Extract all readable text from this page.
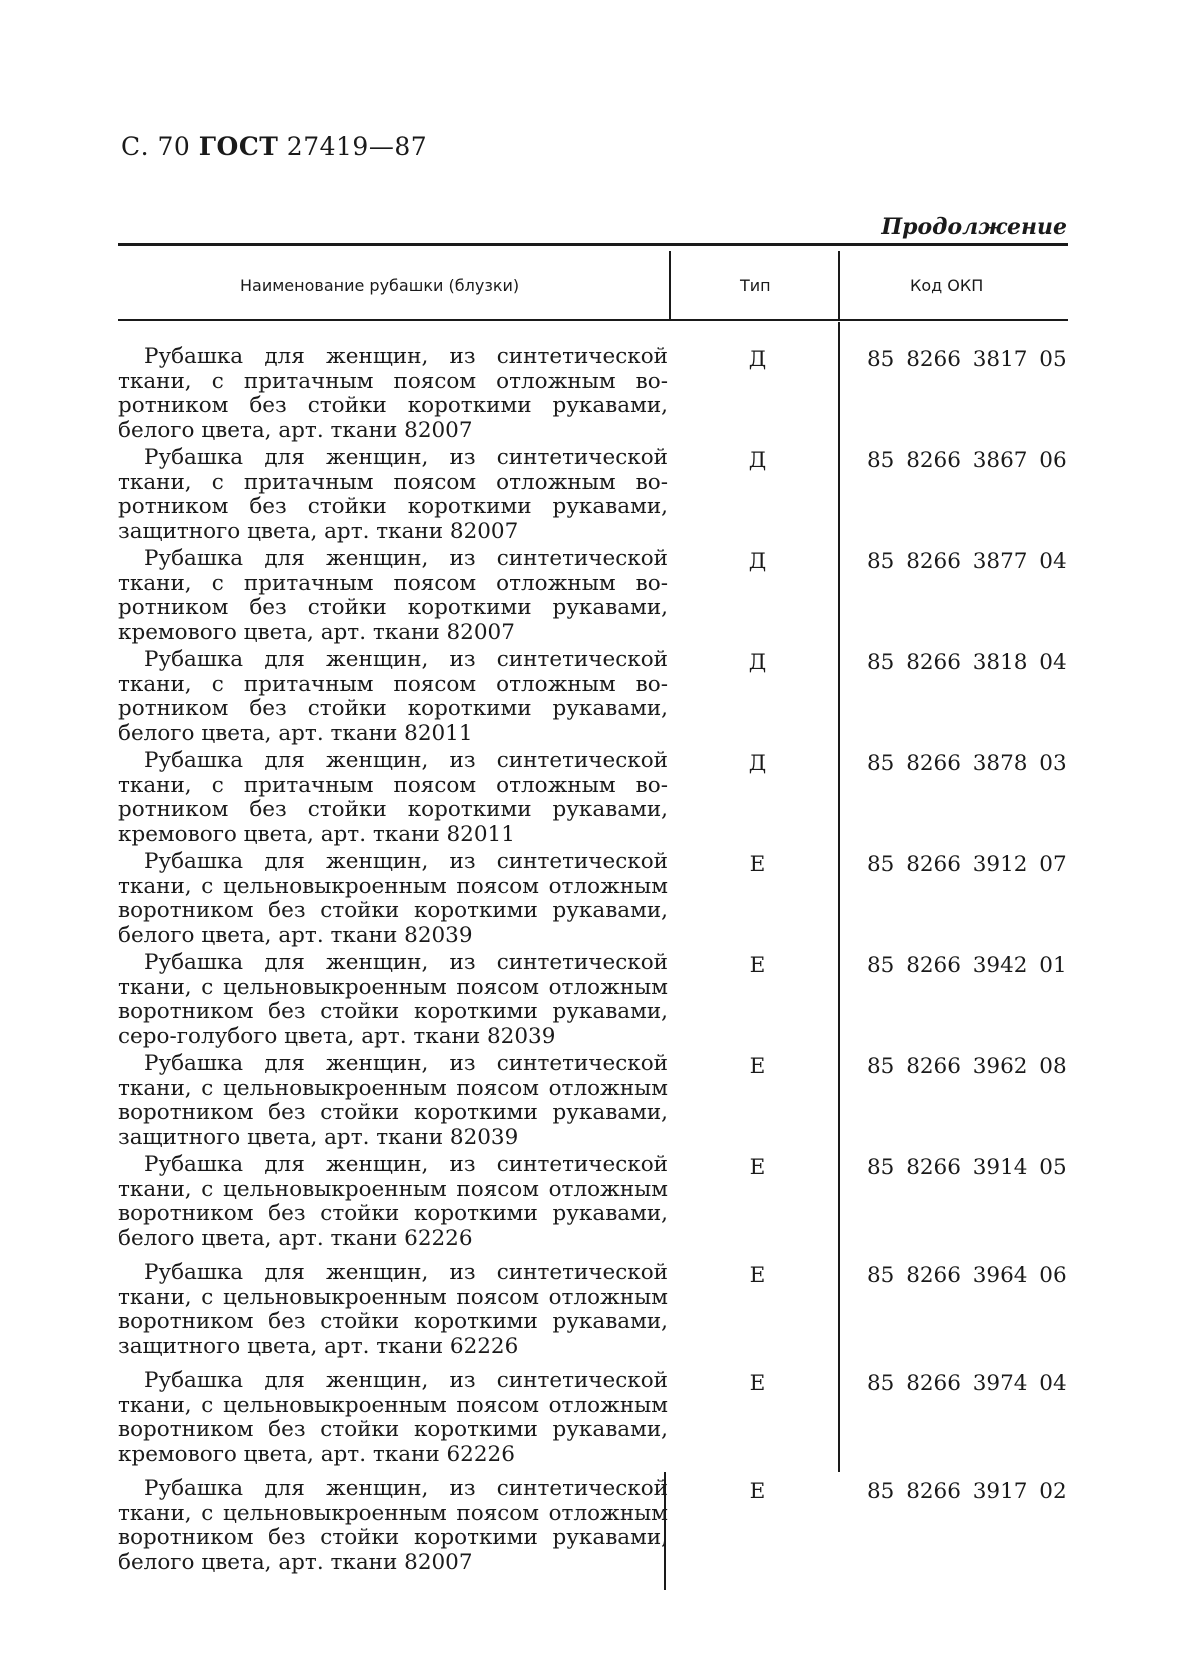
С. 70 ГОСТ 27419—87
Продолжение
Наименование рубашки (блузки)	Тип	Код ОКП
Рубашка для женщин, из синтетической
ткани, с притачным поясом отложным во-
ротником без стойки короткими рукавами,
белого цвета, арт. ткани 82007
Д	85 8266 3817 05
Рубашка для женщин, из синтетической
ткани, с притачным поясом отложным во-
ротником без стойки короткими рукавами,
защитного цвета, арт. ткани 82007
Д	85 8266 3867 06
Рубашка для женщин, из синтетической
ткани, с притачным поясом отложным во-
ротником без стойки короткими рукавами,
кремового цвета, арт. ткани 82007
Д	85 8266 3877 04
Рубашка для женщин, из синтетической
ткани, с притачным поясом отложным во-
ротником без стойки короткими рукавами,
белого цвета, арт. ткани 82011
Д	85 8266 3818 04
Рубашка для женщин, из синтетической
ткани, с притачным поясом отложным во-
ротником без стойки короткими рукавами,
кремового цвета, арт. ткани 82011
Д	85 8266 3878 03
Рубашка для женщин, из синтетической
ткани, с цельновыкроенным поясом отложным
воротником без стойки короткими рукавами,
белого цвета, арт. ткани 82039
Е	85 8266 3912 07
Рубашка для женщин, из синтетической
ткани, с цельновыкроенным поясом отложным
воротником без стойки короткими рукавами,
серо-голубого цвета, арт. ткани 82039
Е	85 8266 3942 01
Рубашка для женщин, из синтетической
ткани, с цельновыкроенным поясом отложным
воротником без стойки короткими рукавами,
защитного цвета, арт. ткани 82039
Е	85 8266 3962 08
Рубашка для женщин, из синтетической
ткани, с цельновыкроенным поясом отложным
воротником без стойки короткими рукавами,
белого цвета, арт. ткани 62226
Е	85 8266 3914 05
Рубашка для женщин, из синтетической
ткани, с цельновыкроенным поясом отложным
воротником без стойки короткими рукавами,
защитного цвета, арт. ткани 62226
Е	85 8266 3964 06
Рубашка для женщин, из синтетической
ткани, с цельновыкроенным поясом отложным
воротником без стойки короткими рукавами,
кремового цвета, арт. ткани 62226
Е	85 8266 3974 04
Рубашка для женщин, из синтетической
ткани, с цельновыкроенным поясом отложным
воротником без стойки короткими рукавами,
белого цвета, арт. ткани 82007
Е	85 8266 3917 02
